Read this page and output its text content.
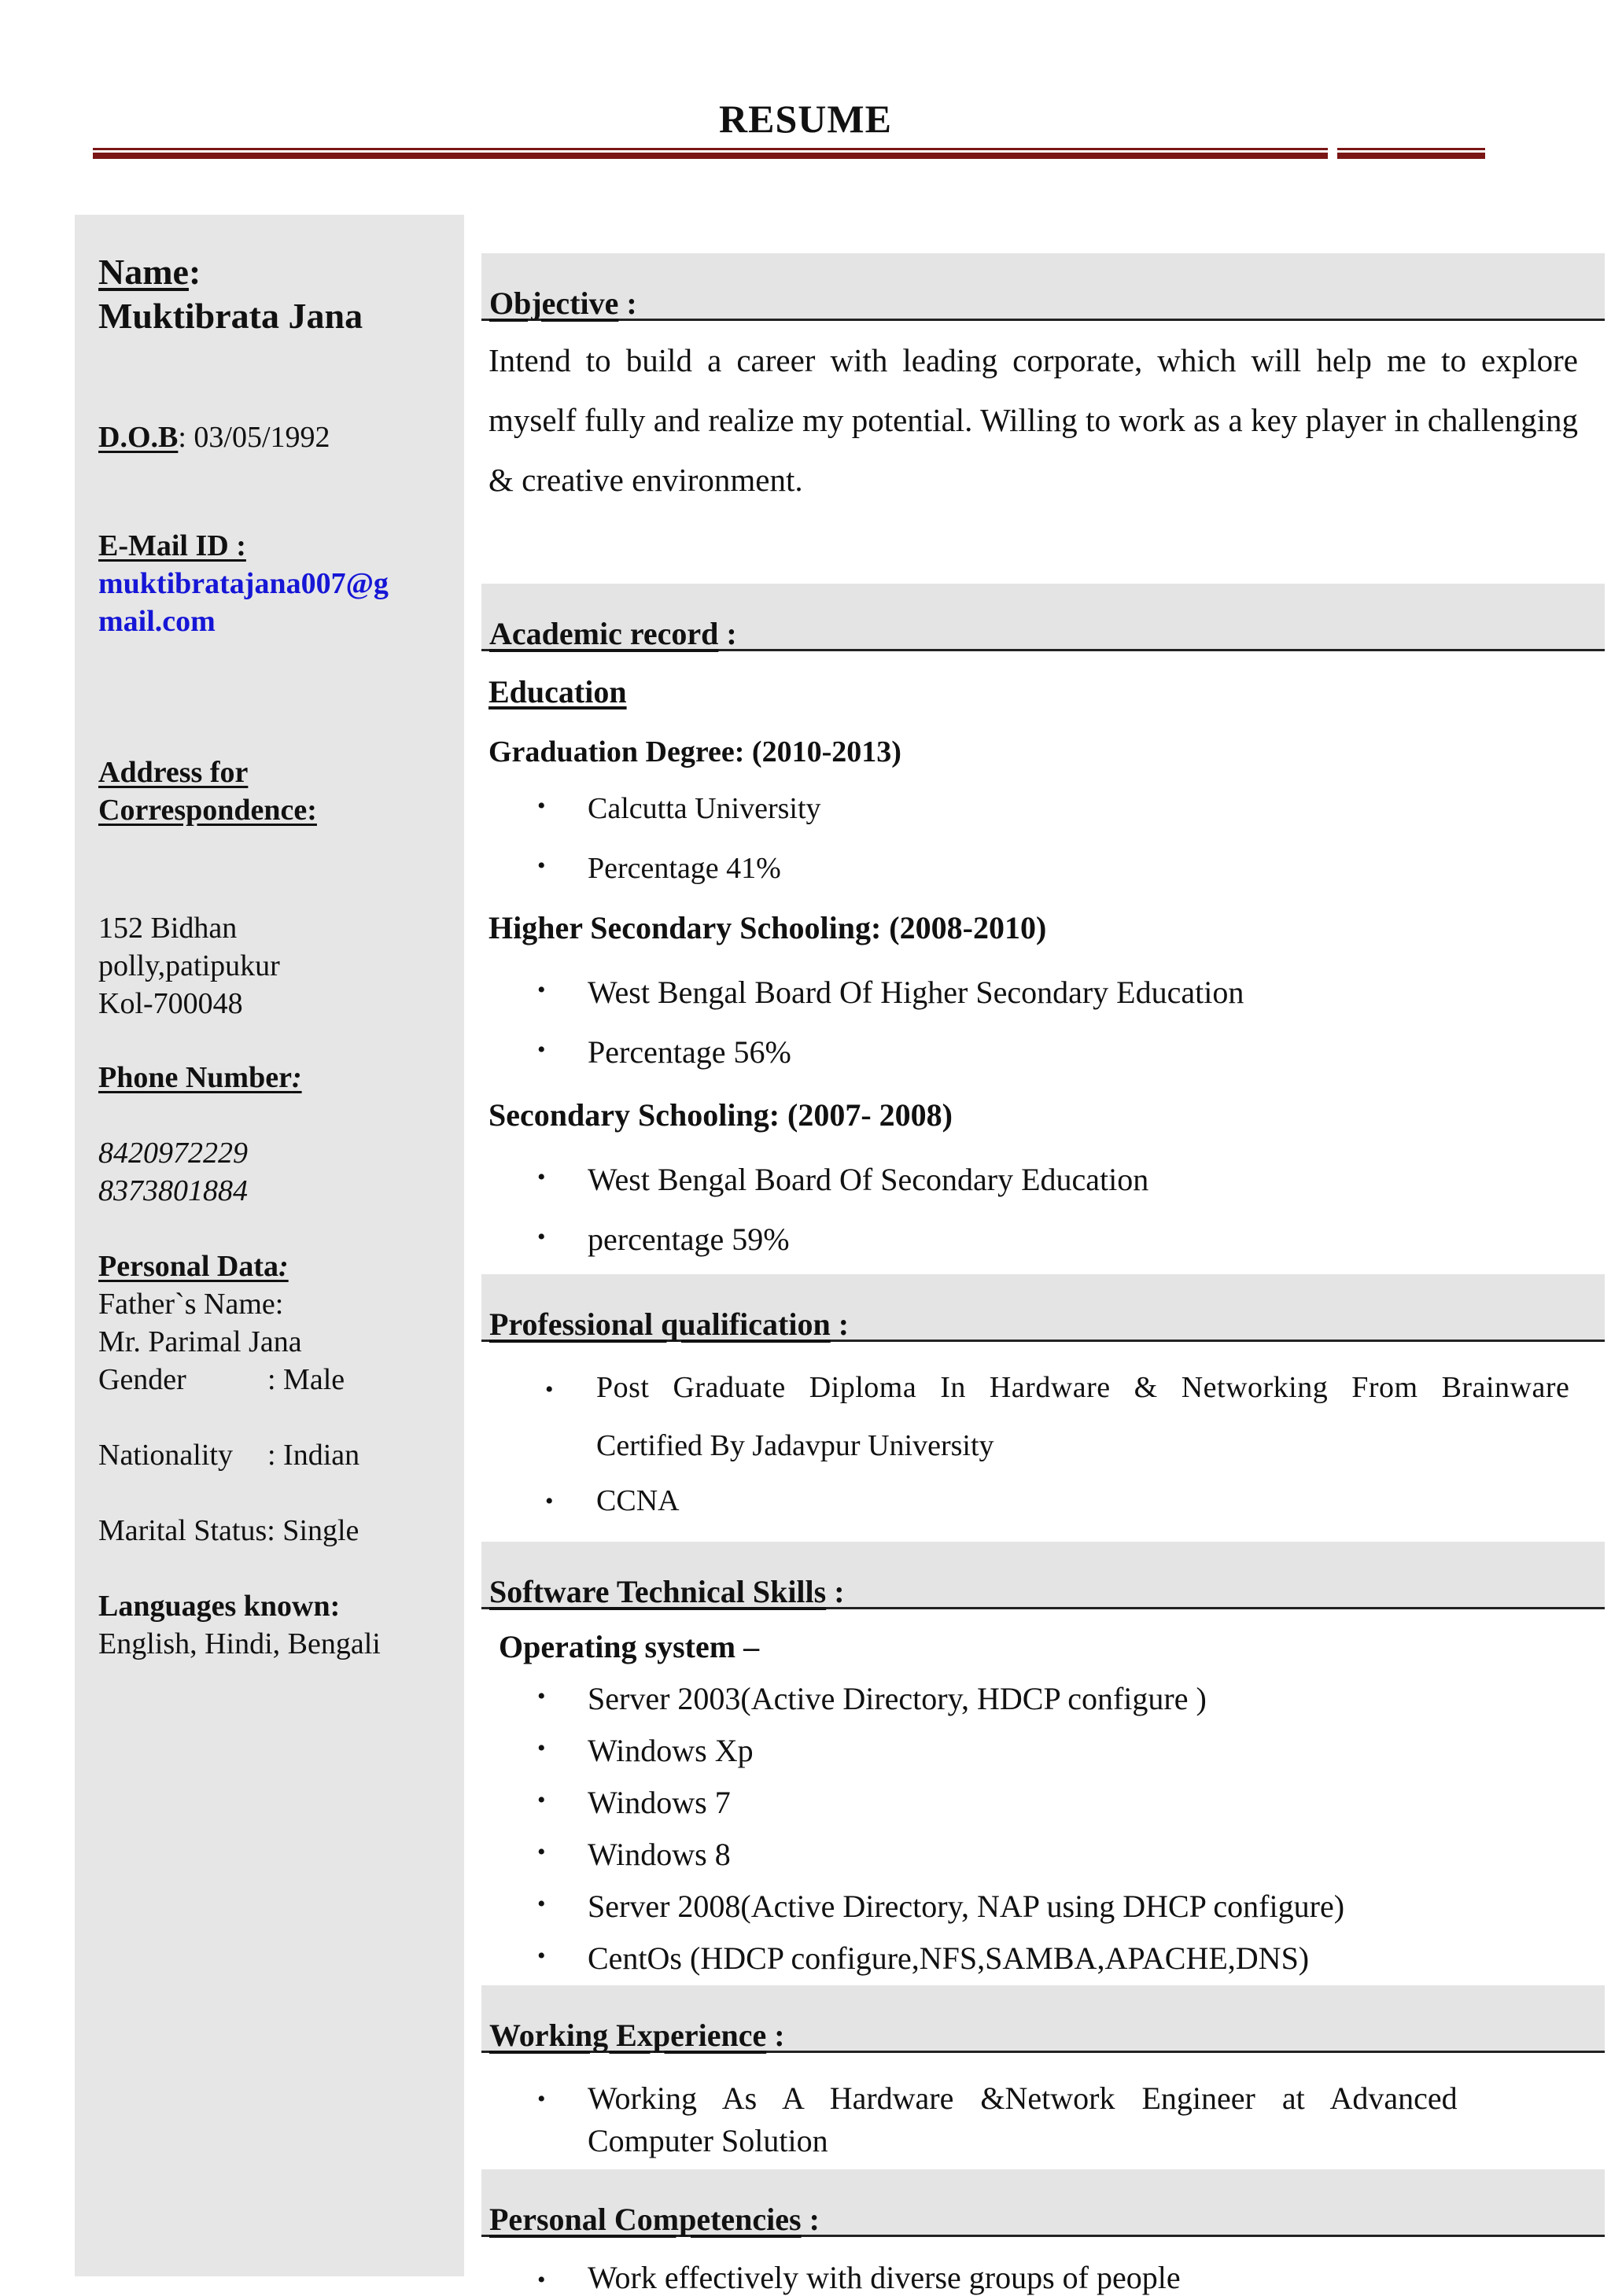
RESUME
Name:
Muktibrata Jana
D.O.B: 03/05/1992
E-Mail ID :
muktibratajana007@g
mail.com
Address for
Correspondence:
152 Bidhan
polly,patipukur
Kol-700048
Phone Number:
8420972229
8373801884
Personal Data:
Father`s Name:
Mr. Parimal Jana
Gender	: Male
Nationality : Indian
Marital Status: Single
Languages known:
English, Hindi, Bengali
Objective :
Intend to build a career with leading corporate, which will help me to explore myself fully and realize my potential. Willing to work as a key player in challenging & creative environment.
Academic record :
Education
Graduation Degree: (2010-2013)
• Calcutta University
• Percentage 41%
Higher Secondary Schooling: (2008-2010)
• West Bengal Board Of Higher Secondary Education
• Percentage 56%
Secondary Schooling: (2007- 2008)
• West Bengal Board Of Secondary Education
• percentage 59%
Professional qualification :
• Post Graduate Diploma In Hardware & Networking From Brainware
Certified By Jadavpur University
• CCNA
Software Technical Skills :
Operating system –
• Server 2003(Active Directory, HDCP configure )
• Windows Xp
• Windows 7
• Windows 8
• Server 2008(Active Directory, NAP using DHCP configure)
• CentOs (HDCP configure,NFS,SAMBA,APACHE,DNS)
Working Experience :
• Working As A Hardware &Network Engineer at Advanced
Computer Solution
Personal Competencies :
• Work effectively with diverse groups of people
